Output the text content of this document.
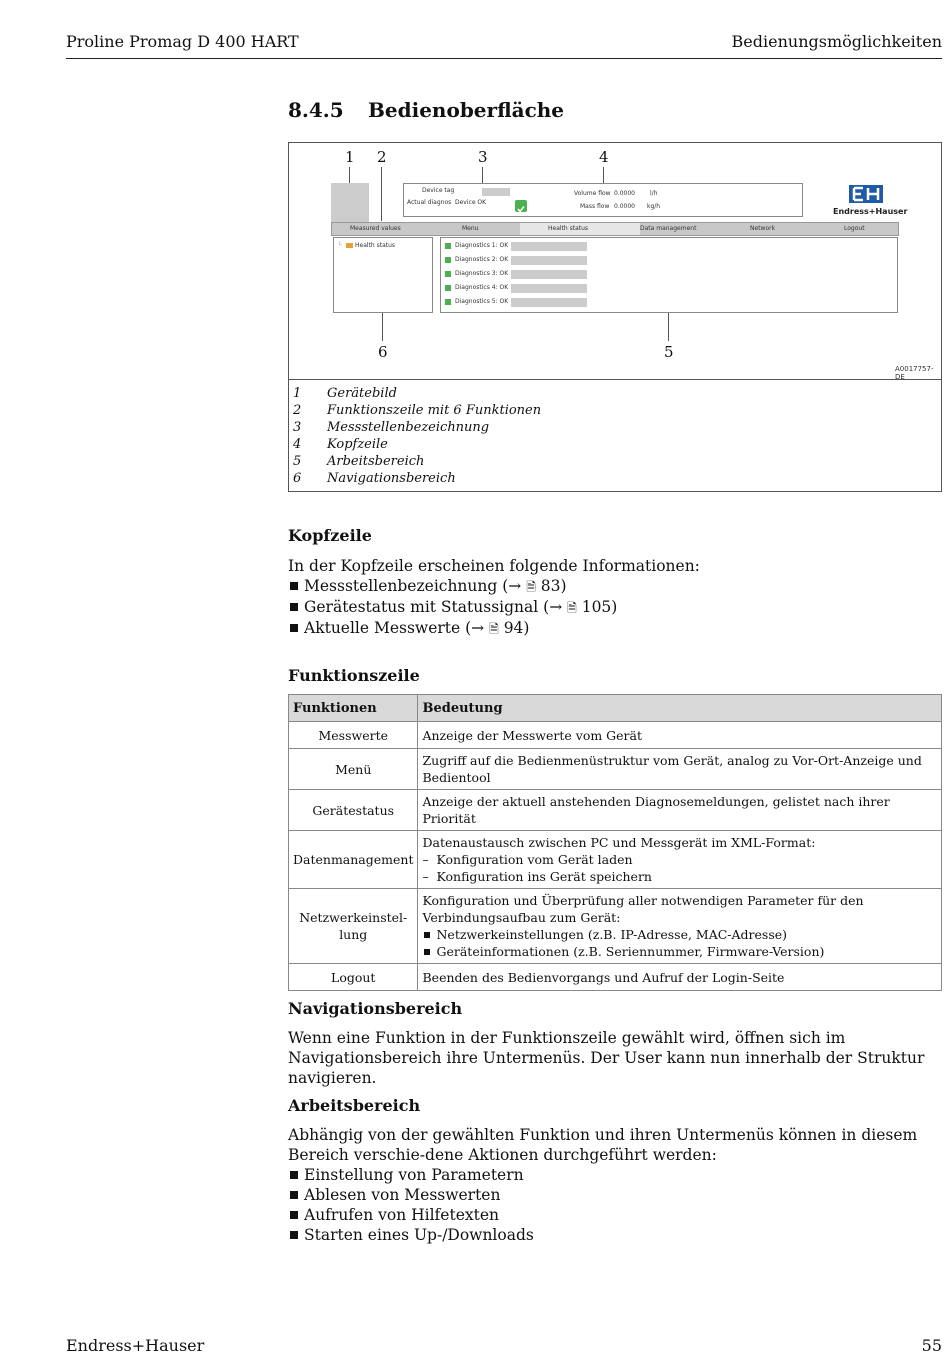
Proline Promag D 400 HART	Bedienungsmöglichkeiten
8.4.5 Bedienoberfläche
1 2	3	4
Device tag
Actual diagnos Device OK
Volume flow 0.0000	l/h
Mass flow 0.0000 kg/h
Endress+Hauser
Measured values	Menu	Health status	Data management	Network	Logout
└ Health status	Diagnostics 1: OK
Diagnostics 2: OK
Diagnostics 3: OK
Diagnostics 4: OK
Diagnostics 5: OK
6	5
A0017757-DE
1	Gerätebild
2	Funktionszeile mit 6 Funktionen
3	Messstellenbezeichnung
4	Kopfzeile
5	Arbeitsbereich
6	Navigationsbereich
Kopfzeile
In der Kopfzeile erscheinen folgende Informationen:
Messstellenbezeichnung (→ 🗎 83)
Gerätestatus mit Statussignal (→ 🗎 105)
Aktuelle Messwerte (→ 🗎 94)
Funktionszeile
Funktionen	Bedeutung
Messwerte	Anzeige der Messwerte vom Gerät
Menü	Zugriff auf die Bedienmenüstruktur vom Gerät, analog zu Vor-Ort-Anzeige und Bedientool
Gerätestatus	Anzeige der aktuell anstehenden Diagnosemeldungen, gelistet nach ihrer Priorität
Datenmanagement	Datenaustausch zwischen PC und Messgerät im XML-Format:
– Konfiguration vom Gerät laden
– Konfiguration ins Gerät speichern

Netzwerkeinstel-lung	Konfiguration und Überprüfung aller notwendigen Parameter für den Verbindungsaufbau zum Gerät:
Netzwerkeinstellungen (z.B. IP-Adresse, MAC-Adresse)
Geräteinformationen (z.B. Seriennummer, Firmware-Version)

Logout	Beenden des Bedienvorgangs und Aufruf der Login-Seite
Navigationsbereich
Wenn eine Funktion in der Funktionszeile gewählt wird, öffnen sich im Navigationsbereich ihre Untermenüs. Der User kann nun innerhalb der Struktur navigieren.
Arbeitsbereich
Abhängig von der gewählten Funktion und ihren Untermenüs können in diesem Bereich verschie-dene Aktionen durchgeführt werden:
Einstellung von Parametern
Ablesen von Messwerten
Aufrufen von Hilfetexten
Starten eines Up-/Downloads
Endress+Hauser	55
